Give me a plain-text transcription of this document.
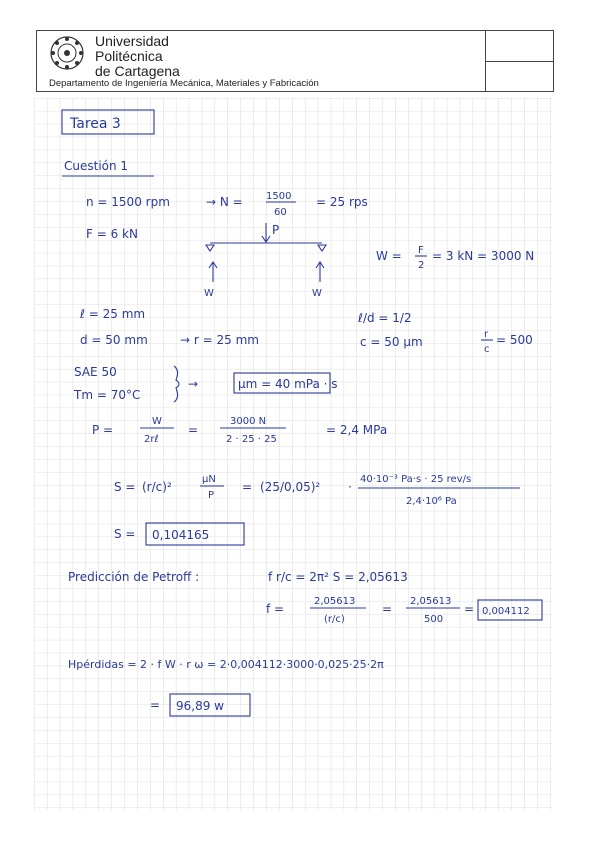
Universidad
Politécnica
de Cartagena
Departamento de Ingeniería Mecánica, Materiales y Fabricación
Tarea 3
Cuestión 1
n = 1500 rpm	→ N = 1500
60
= 25 rps
F = 6 kN	P
W	W
W = F
2
= 3 kN = 3000 N
ℓ = 25 mm	ℓ/d = 1/2
d = 50 mm	→ r = 25 mm	c = 50 μm
r
c
= 500
SAE 50
Tm = 70°C
→	μm = 40 mPa · s
P =
W
2rℓ
=
3000 N
2 · 25 · 25
= 2,4 MPa
S = (r/c)²
μN
P
= (25/0,05)² ·
40·10⁻³ Pa·s · 25 rev/s
2,4·10⁶ Pa
S = 0,104165
Predicción de Petroff :	f r/c = 2π² S = 2,05613
f =
2,05613
(r/c)
=
2,05613
500
= 0,004112
Hpérdidas = 2 · f W · r ω = 2·0,004112·3000·0,025·25·2π
= 96,89 w
